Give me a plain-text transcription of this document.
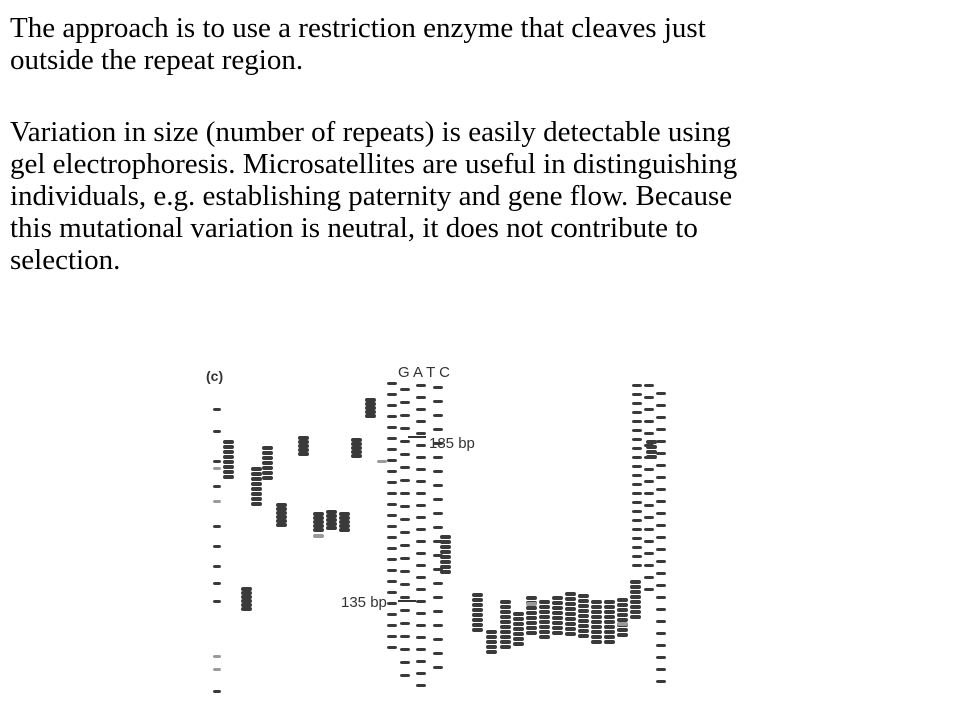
The approach is to use a restriction enzyme that cleaves just
outside the repeat region.
Variation in size (number of repeats) is easily detectable using
gel electrophoresis. Microsatellites are useful in distinguishing
individuals, e.g. establishing paternity and gene flow. Because
this mutational variation is neutral, it does not contribute to
selection.
(c)	G A T C
185 bp
135 bp
